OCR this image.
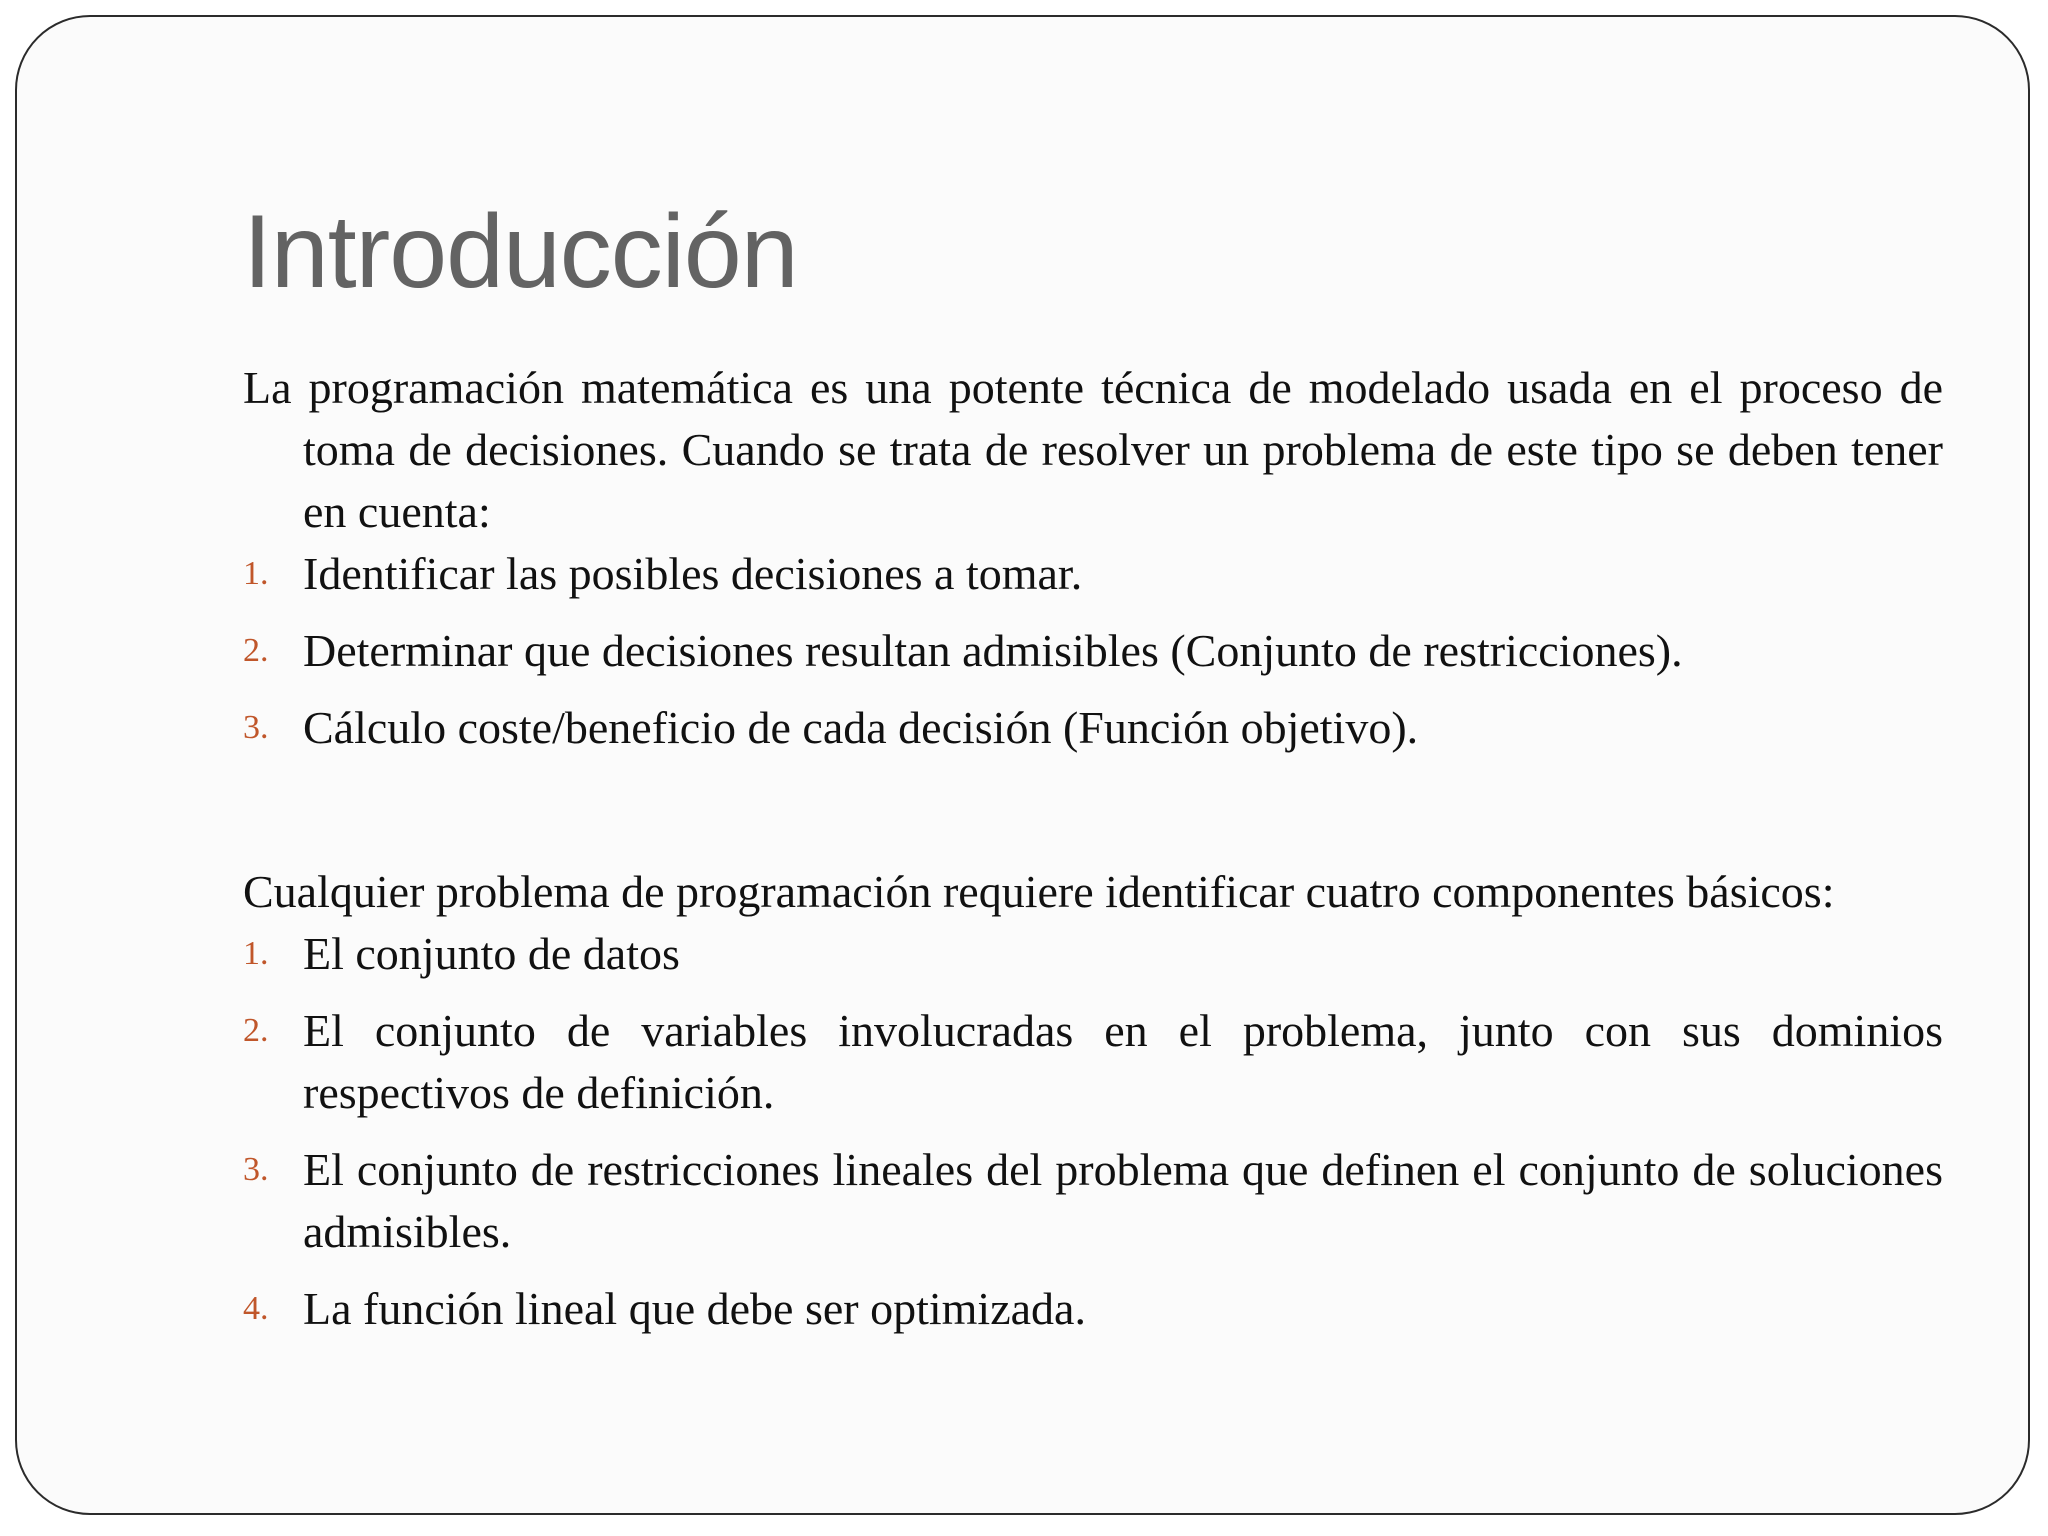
Introducción

La programación matemática es una potente técnica de modelado usada en el proceso de toma de decisiones. Cuando se trata de resolver un problema de este tipo se deben tener en cuenta:

1. Identificar las posibles decisiones a tomar.
2. Determinar que decisiones resultan admisibles (Conjunto de restricciones).
3. Cálculo coste/beneficio de cada decisión (Función objetivo).

Cualquier problema de programación requiere identificar cuatro componentes básicos:

1. El conjunto de datos
2. El conjunto de variables involucradas en el problema, junto con sus dominios respectivos de definición.
3. El conjunto de restricciones lineales del problema que definen el conjunto de soluciones admisibles.
4. La función lineal que debe ser optimizada.
